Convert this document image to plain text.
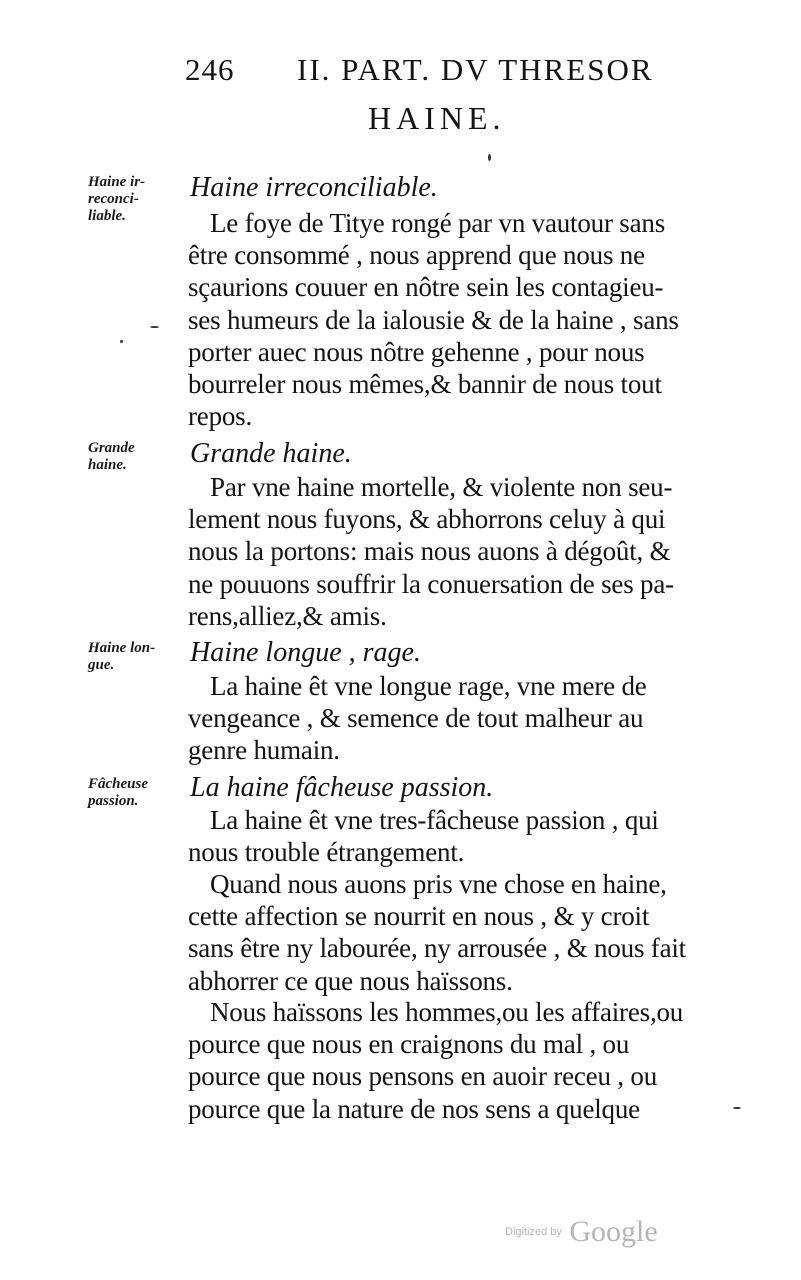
246 II. PART. DV THRESOR
HAINE.
Haine ir-
reconci-
liable.
Haine irreconciliable.
Le foye de Titye rongé par vn vautour sans
être consommé , nous apprend que nous ne
sçaurions couuer en nôtre sein les contagieu-
ses humeurs de la ialousie & de la haine , sans
porter auec nous nôtre gehenne , pour nous
bourreler nous mêmes,& bannir de nous tout
repos.
Grande
haine.	Grande haine.
Par vne haine mortelle, & violente non seu-
lement nous fuyons, & abhorrons celuy à qui
nous la portons: mais nous auons à dégoût, &
ne pouuons souffrir la conuersation de ses pa-
rens,alliez,& amis.
Haine lon-
gue.	Haine longue , rage.
La haine êt vne longue rage, vne mere de
vengeance , & semence de tout malheur au
genre humain.
Fâcheuse
passion.	La haine fâcheuse passion.
La haine êt vne tres-fâcheuse passion , qui
nous trouble étrangement.
Quand nous auons pris vne chose en haine,
cette affection se nourrit en nous , & y croit
sans être ny labourée, ny arrousée , & nous fait
abhorrer ce que nous haïssons.
Nous haïssons les hommes,ou les affaires,ou
pource que nous en craignons du mal , ou
pource que nous pensons en auoir receu , ou
pource que la nature de nos sens a quelque
Digitized by Google
